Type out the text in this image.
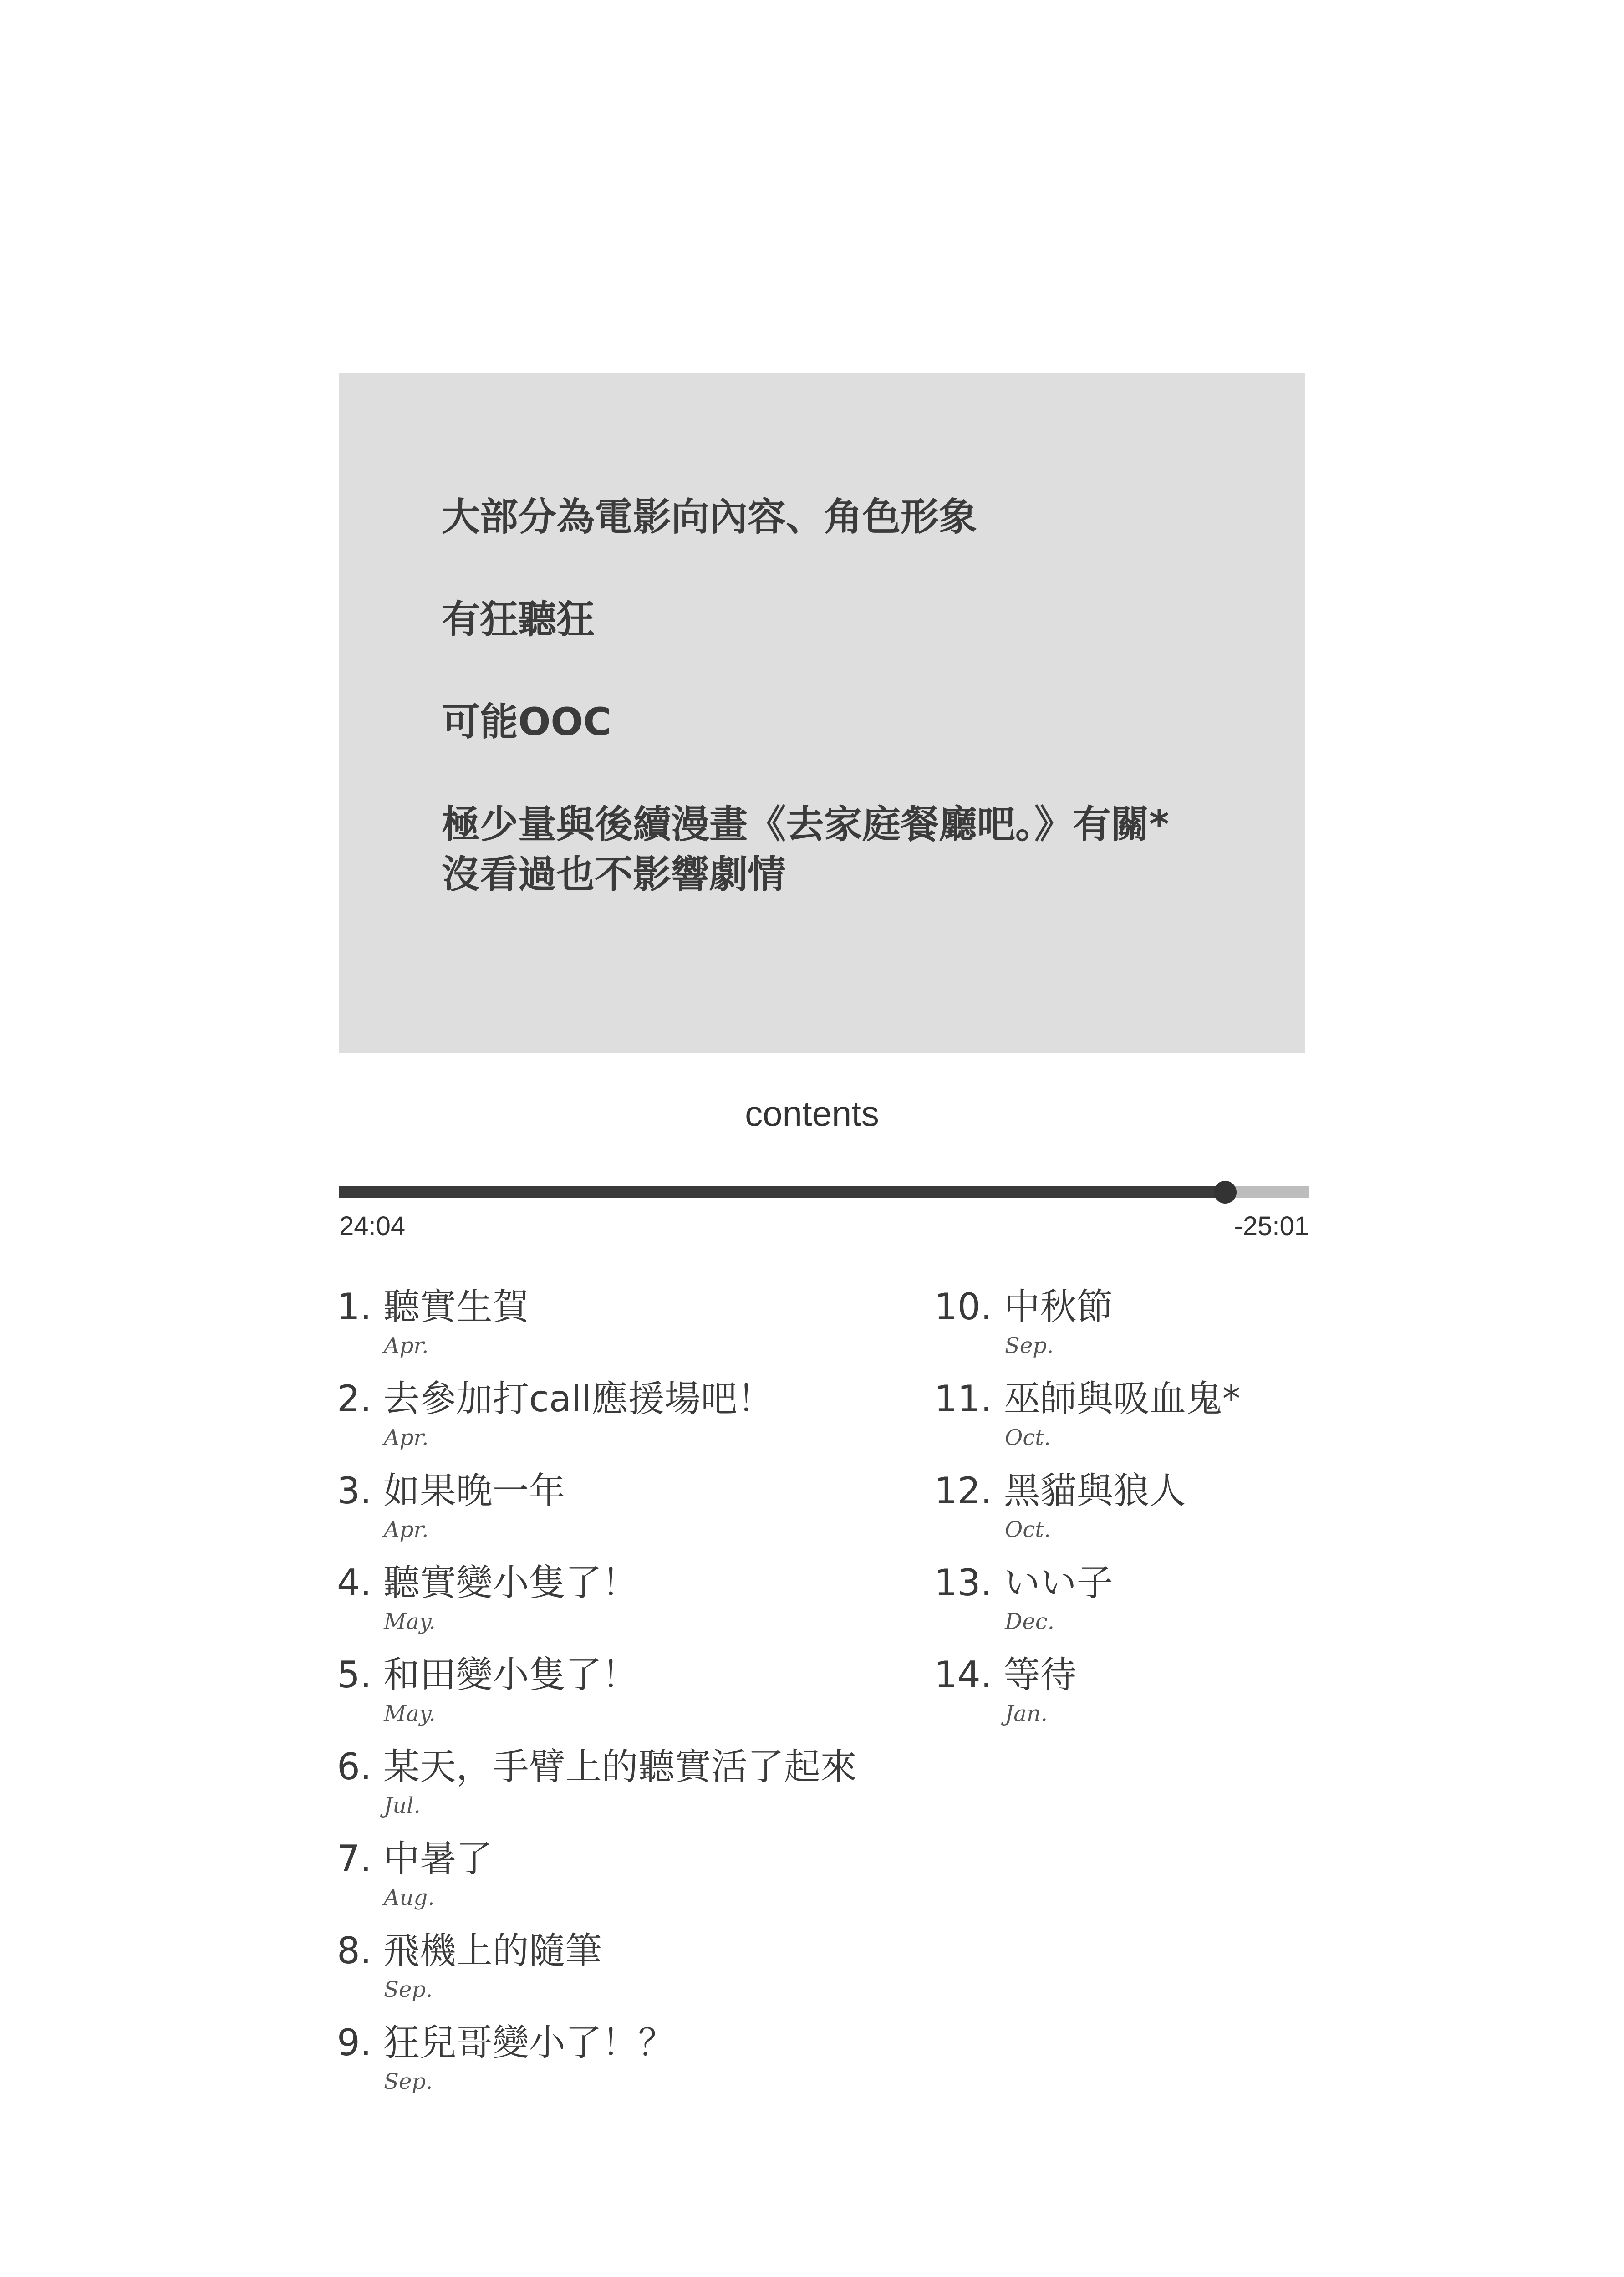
大部分為電影向內容、角色形象

有狂聽狂

可能OOC

極少量與後續漫畫《去家庭餐廳吧。》有關*

沒看過也不影響劇情

contents
24:04	-25:01
1. 聽實生賀
Apr.
2. 去參加打call應援場吧！
Apr.
3. 如果晚一年
Apr.
4. 聽實變小隻了！
May.
5. 和田變小隻了！
May.
6. 某天，手臂上的聽實活了起來
Jul.
7. 中暑了
Aug.
8. 飛機上的隨筆
Sep.
9. 狂兒哥變小了！？
Sep.
10. 中秋節
Sep.
11. 巫師與吸血鬼*
Oct.
12. 黑貓與狼人
Oct.
13. いい子
Dec.
14. 等待
Jan.
